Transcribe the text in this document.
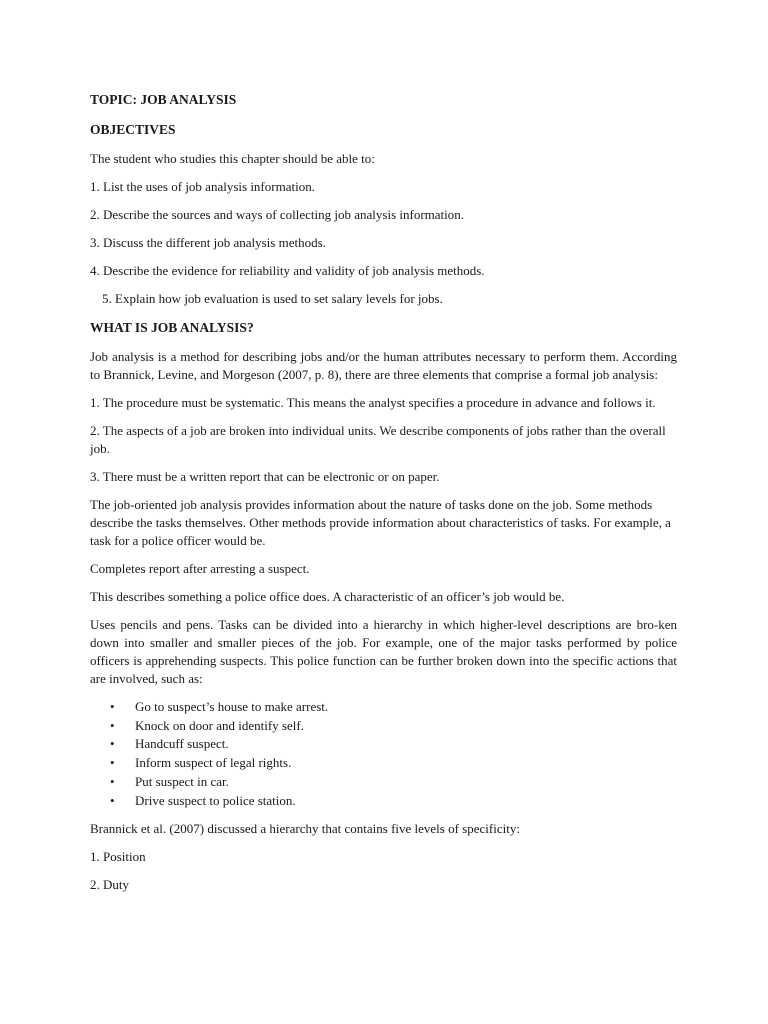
TOPIC: JOB ANALYSIS
OBJECTIVES
The student who studies this chapter should be able to:
1. List the uses of job analysis information.
2. Describe the sources and ways of collecting job analysis information.
3. Discuss the different job analysis methods.
4. Describe the evidence for reliability and validity of job analysis methods.
5. Explain how job evaluation is used to set salary levels for jobs.
WHAT IS JOB ANALYSIS?
Job analysis is a method for describing jobs and/or the human attributes necessary to perform them. According to Brannick, Levine, and Morgeson (2007, p. 8), there are three elements that comprise a formal job analysis:
1. The procedure must be systematic. This means the analyst specifies a procedure in advance and follows it.
2. The aspects of a job are broken into individual units. We describe components of jobs rather than the overall job.
3. There must be a written report that can be electronic or on paper.
The job-oriented job analysis provides information about the nature of tasks done on the job. Some methods describe the tasks themselves. Other methods provide information about characteristics of tasks. For example, a task for a police officer would be.
Completes report after arresting a suspect.
This describes something a police office does. A characteristic of an officer’s job would be.
Uses pencils and pens. Tasks can be divided into a hierarchy in which higher-level descriptions are bro-ken down into smaller and smaller pieces of the job. For example, one of the major tasks performed by police officers is apprehending suspects. This police function can be further broken down into the specific actions that are involved, such as:
• Go to suspect’s house to make arrest.
• Knock on door and identify self.
• Handcuff suspect.
• Inform suspect of legal rights.
• Put suspect in car.
• Drive suspect to police station.
Brannick et al. (2007) discussed a hierarchy that contains five levels of specificity:
1. Position
2. Duty
